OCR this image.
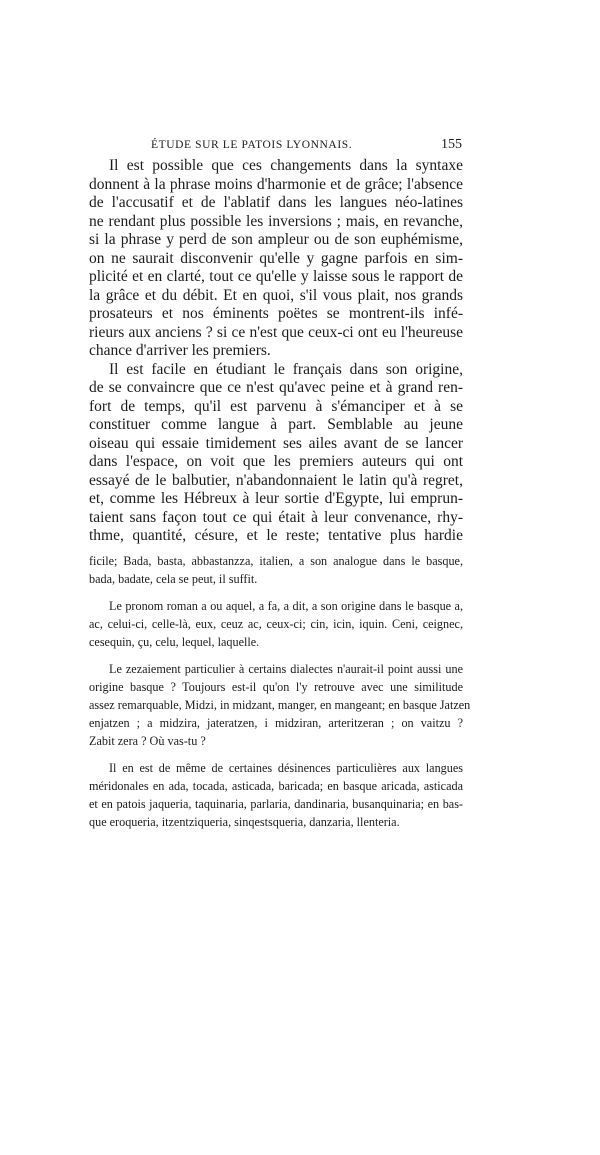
ÉTUDE SUR LE PATOIS LYONNAIS.	155
Il est possible que ces changements dans la syntaxe
donnent à la phrase moins d'harmonie et de grâce; l'absence
de l'accusatif et de l'ablatif dans les langues néo-latines
ne rendant plus possible les inversions ; mais, en revanche,
si la phrase y perd de son ampleur ou de son euphémisme,
on ne saurait disconvenir qu'elle y gagne parfois en sim-
plicité et en clarté, tout ce qu'elle y laisse sous le rapport de
la grâce et du débit. Et en quoi, s'il vous plait, nos grands
prosateurs et nos éminents poëtes se montrent-ils infé-
rieurs aux anciens ? si ce n'est que ceux-ci ont eu l'heureuse
chance d'arriver les premiers.
Il est facile en étudiant le français dans son origine,
de se convaincre que ce n'est qu'avec peine et à grand ren-
fort de temps, qu'il est parvenu à s'émanciper et à se
constituer comme langue à part. Semblable au jeune
oiseau qui essaie timidement ses ailes avant de se lancer
dans l'espace, on voit que les premiers auteurs qui ont
essayé de le balbutier, n'abandonnaient le latin qu'à regret,
et, comme les Hébreux à leur sortie d'Egypte, lui emprun-
taient sans façon tout ce qui était à leur convenance, rhy-
thme, quantité, césure, et le reste; tentative plus hardie
ficile; Bada, basta, abbastanzza, italien, a son analogue dans le basque,
bada, badate, cela se peut, il suffit.
Le pronom roman a ou aquel, a fa, a dit, a son origine dans le basque a,
ac, celui-ci, celle-là, eux, ceuz ac, ceux-ci; cin, icin, iquin. Ceni, ceignec,
cesequin, çu, celu, lequel, laquelle.
Le zezaiement particulier à certains dialectes n'aurait-il point aussi une
origine basque ? Toujours est-il qu'on l'y retrouve avec une similitude
assez remarquable, Midzi, in midzant, manger, en mangeant; en basque Jatzen
enjatzen ; a midzira, jateratzen, i midziran, arteritzeran ; on vaitzu ?
Zabit zera ? Où vas-tu ?
Il en est de même de certaines désinences particulières aux langues
méridonales en ada, tocada, asticada, baricada; en basque aricada, asticada
et en patois jaqueria, taquinaria, parlaria, dandinaria, busanquinaria; en bas-
que eroqueria, itzentziqueria, sinqestsqueria, danzaria, llenteria.
